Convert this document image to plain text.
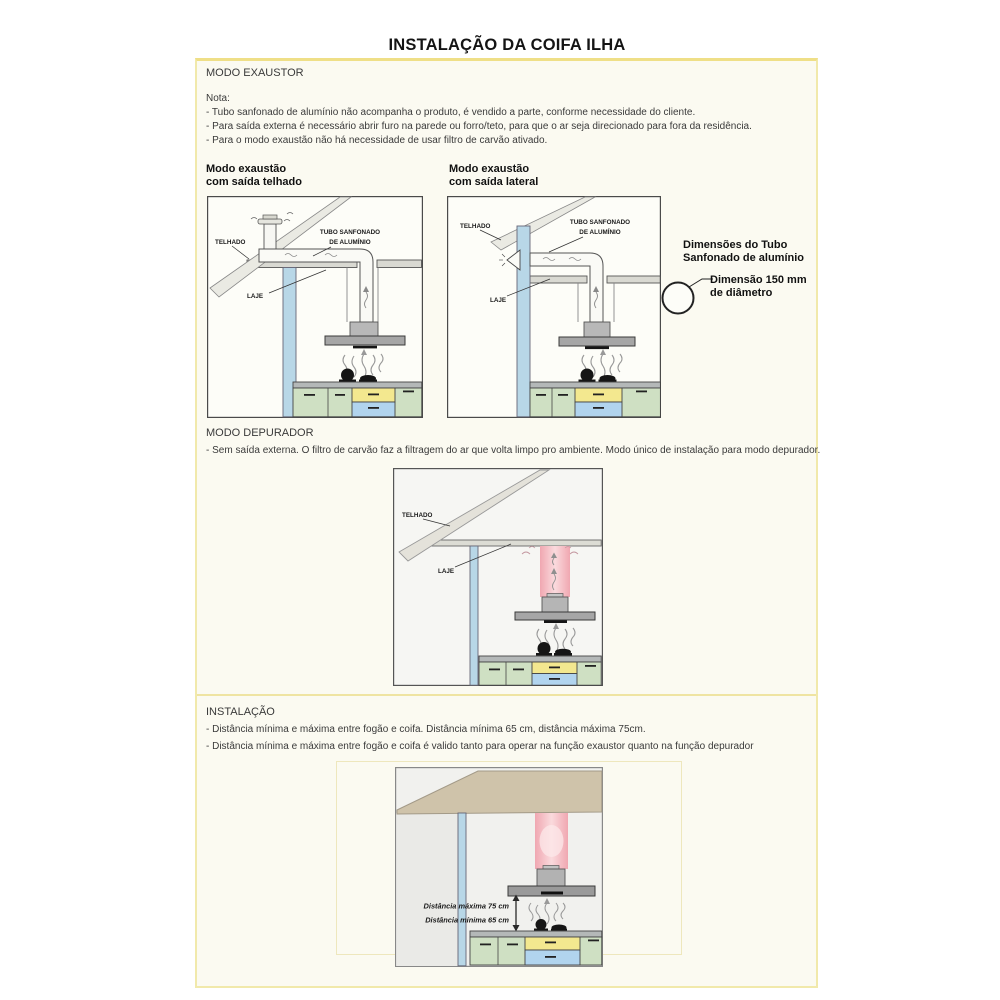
INSTALAÇÃO DA COIFA ILHA
MODO EXAUSTOR
Nota:
- Tubo sanfonado de alumínio não acompanha o produto, é vendido a parte, conforme necessidade do cliente.
- Para saída externa é necessário abrir furo na parede ou forro/teto, para que o ar seja direcionado para fora da residência.
- Para o modo exaustão não há necessidade de usar filtro de carvão ativado.
Modo exaustão
com saída telhado
Modo exaustão
com saída lateral
TELHADO
TUBO SANFONADO
DE ALUMÍNIO
LAJE
TELHADO
TUBO SANFONADO
DE ALUMÍNIO
LAJE
Dimensões do Tubo
Sanfonado de alumínio
Dimensão 150 mm
de diâmetro
MODO DEPURADOR
- Sem saída externa. O filtro de carvão faz a filtragem do ar que volta limpo pro ambiente. Modo único de instalação para modo depurador.
TELHADO
LAJE
INSTALAÇÃO
- Distância mínima e máxima entre fogão e coifa. Distância mínima 65 cm, distância máxima 75cm.
- Distância mínima e máxima entre fogão e coifa é valido tanto para operar na função exaustor quanto na função depurador
Distância máxima 75 cm
Distância mínima 65 cm
